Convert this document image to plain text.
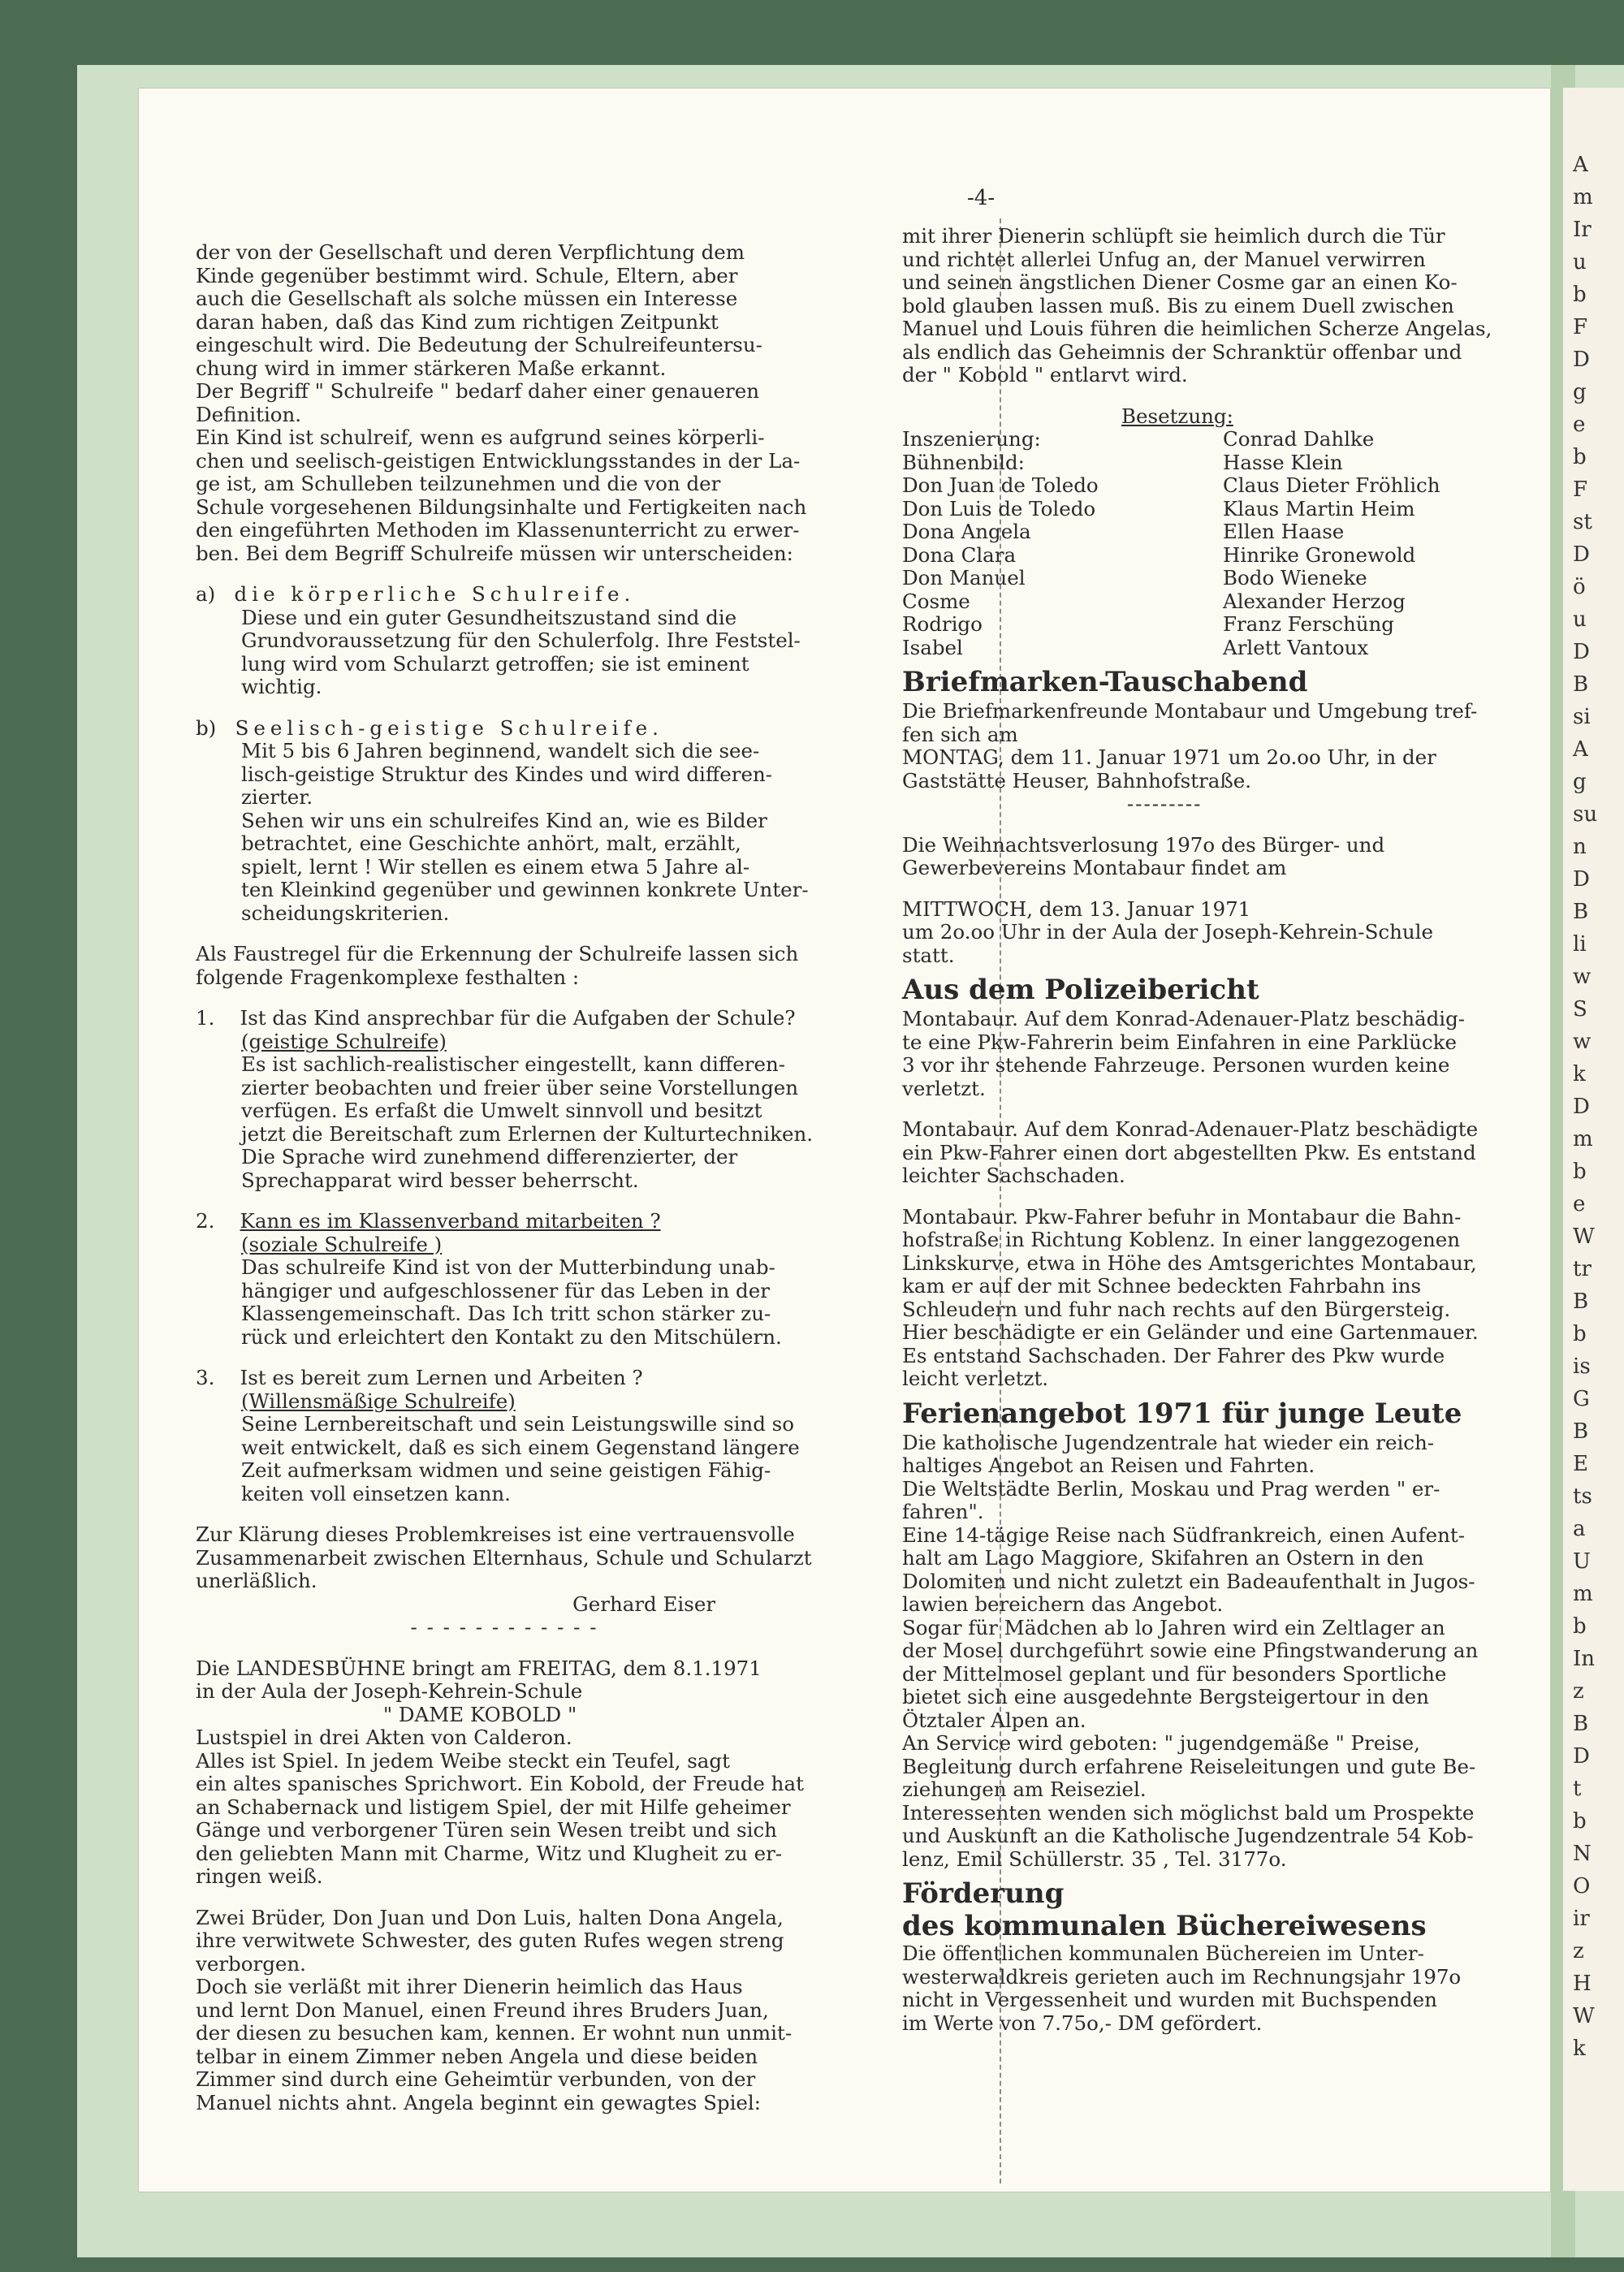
-4-
der von der Gesellschaft und deren Verpflichtung dem
Kinde gegenüber bestimmt wird. Schule, Eltern, aber
auch die Gesellschaft als solche müssen ein Interesse
daran haben, daß das Kind zum richtigen Zeitpunkt
eingeschult wird. Die Bedeutung der Schulreifeuntersu-
chung wird in immer stärkeren Maße erkannt.
Der Begriff " Schulreife " bedarf daher einer genaueren
Definition.
Ein Kind ist schulreif, wenn es aufgrund seines körperli-
chen und seelisch-geistigen Entwicklungsstandes in der La-
ge ist, am Schulleben teilzunehmen und die von der
Schule vorgesehenen Bildungsinhalte und Fertigkeiten nach
den eingeführten Methoden im Klassenunterricht zu erwer-
ben. Bei dem Begriff Schulreife müssen wir unterscheiden:
a) die körperliche Schulreife.
Diese und ein guter Gesundheitszustand sind die
Grundvoraussetzung für den Schulerfolg. Ihre Feststel-
lung wird vom Schularzt getroffen; sie ist eminent
wichtig.
b) Seelisch-geistige Schulreife.
Mit 5 bis 6 Jahren beginnend, wandelt sich die see-
lisch-geistige Struktur des Kindes und wird differen-
zierter.
Sehen wir uns ein schulreifes Kind an, wie es Bilder
betrachtet, eine Geschichte anhört, malt, erzählt,
spielt, lernt ! Wir stellen es einem etwa 5 Jahre al-
ten Kleinkind gegenüber und gewinnen konkrete Unter-
scheidungskriterien.
Als Faustregel für die Erkennung der Schulreife lassen sich
folgende Fragenkomplexe festhalten :
1. Ist das Kind ansprechbar für die Aufgaben der Schule?
(geistige Schulreife)
Es ist sachlich-realistischer eingestellt, kann differen-
zierter beobachten und freier über seine Vorstellungen
verfügen. Es erfaßt die Umwelt sinnvoll und besitzt
jetzt die Bereitschaft zum Erlernen der Kulturtechniken.
Die Sprache wird zunehmend differenzierter, der
Sprechapparat wird besser beherrscht.
2. Kann es im Klassenverband mitarbeiten ?
(soziale Schulreife )
Das schulreife Kind ist von der Mutterbindung unab-
hängiger und aufgeschlossener für das Leben in der
Klassengemeinschaft. Das Ich tritt schon stärker zu-
rück und erleichtert den Kontakt zu den Mitschülern.
3. Ist es bereit zum Lernen und Arbeiten ?
(Willensmäßige Schulreife)
Seine Lernbereitschaft und sein Leistungswille sind so
weit entwickelt, daß es sich einem Gegenstand längere
Zeit aufmerksam widmen und seine geistigen Fähig-
keiten voll einsetzen kann.
Zur Klärung dieses Problemkreises ist eine vertrauensvolle
Zusammenarbeit zwischen Elternhaus, Schule und Schularzt
unerläßlich.
Gerhard Eiser
- - - - - - - - - - - -
Die LANDESBÜHNE bringt am FREITAG, dem 8.1.1971
in der Aula der Joseph-Kehrein-Schule
" DAME KOBOLD "
Lustspiel in drei Akten von Calderon.
Alles ist Spiel. In jedem Weibe steckt ein Teufel, sagt
ein altes spanisches Sprichwort. Ein Kobold, der Freude hat
an Schabernack und listigem Spiel, der mit Hilfe geheimer
Gänge und verborgener Türen sein Wesen treibt und sich
den geliebten Mann mit Charme, Witz und Klugheit zu er-
ringen weiß.
Zwei Brüder, Don Juan und Don Luis, halten Dona Angela,
ihre verwitwete Schwester, des guten Rufes wegen streng
verborgen.
Doch sie verläßt mit ihrer Dienerin heimlich das Haus
und lernt Don Manuel, einen Freund ihres Bruders Juan,
der diesen zu besuchen kam, kennen. Er wohnt nun unmit-
telbar in einem Zimmer neben Angela und diese beiden
Zimmer sind durch eine Geheimtür verbunden, von der
Manuel nichts ahnt. Angela beginnt ein gewagtes Spiel:
mit ihrer Dienerin schlüpft sie heimlich durch die Tür
und richtet allerlei Unfug an, der Manuel verwirren
und seinen ängstlichen Diener Cosme gar an einen Ko-
bold glauben lassen muß. Bis zu einem Duell zwischen
Manuel und Louis führen die heimlichen Scherze Angelas,
als endlich das Geheimnis der Schranktür offenbar und
der " Kobold " entlarvt wird.
Besetzung:
Inszenierung:	Conrad Dahlke
Bühnenbild:	Hasse Klein
Don Juan de Toledo	Claus Dieter Fröhlich
Don Luis de Toledo	Klaus Martin Heim
Dona Angela	Ellen Haase
Dona Clara	Hinrike Gronewold
Don Manuel	Bodo Wieneke
Cosme	Alexander Herzog
Rodrigo	Franz Ferschüng
Isabel	Arlett Vantoux
Briefmarken-Tauschabend
Die Briefmarkenfreunde Montabaur und Umgebung tref-
fen sich am
MONTAG, dem 11. Januar 1971 um 2o.oo Uhr, in der
Gaststätte Heuser, Bahnhofstraße.
---------
Die Weihnachtsverlosung 197o des Bürger- und
Gewerbevereins Montabaur findet am
MITTWOCH, dem 13. Januar 1971
um 2o.oo Uhr in der Aula der Joseph-Kehrein-Schule
statt.
Aus dem Polizeibericht
Montabaur. Auf dem Konrad-Adenauer-Platz beschädig-
te eine Pkw-Fahrerin beim Einfahren in eine Parklücke
3 vor ihr stehende Fahrzeuge. Personen wurden keine
verletzt.
Montabaur. Auf dem Konrad-Adenauer-Platz beschädigte
ein Pkw-Fahrer einen dort abgestellten Pkw. Es entstand
leichter Sachschaden.
Montabaur. Pkw-Fahrer befuhr in Montabaur die Bahn-
hofstraße in Richtung Koblenz. In einer langgezogenen
Linkskurve, etwa in Höhe des Amtsgerichtes Montabaur,
kam er auf der mit Schnee bedeckten Fahrbahn ins
Schleudern und fuhr nach rechts auf den Bürgersteig.
Hier beschädigte er ein Geländer und eine Gartenmauer.
Es entstand Sachschaden. Der Fahrer des Pkw wurde
leicht verletzt.
Ferienangebot 1971 für junge Leute
Die katholische Jugendzentrale hat wieder ein reich-
haltiges Angebot an Reisen und Fahrten.
Die Weltstädte Berlin, Moskau und Prag werden " er-
fahren".
Eine 14-tägige Reise nach Südfrankreich, einen Aufent-
halt am Lago Maggiore, Skifahren an Ostern in den
Dolomiten und nicht zuletzt ein Badeaufenthalt in Jugos-
lawien bereichern das Angebot.
Sogar für Mädchen ab lo Jahren wird ein Zeltlager an
der Mosel durchgeführt sowie eine Pfingstwanderung an
der Mittelmosel geplant und für besonders Sportliche
bietet sich eine ausgedehnte Bergsteigertour in den
Ötztaler Alpen an.
An Service wird geboten: " jugendgemäße " Preise,
Begleitung durch erfahrene Reiseleitungen und gute Be-
ziehungen am Reiseziel.
Interessenten wenden sich möglichst bald um Prospekte
und Auskunft an die Katholische Jugendzentrale 54 Kob-
lenz, Emil Schüllerstr. 35 , Tel. 3177o.
Förderung
des kommunalen Büchereiwesens
Die öffentlichen kommunalen Büchereien im Unter-
westerwaldkreis gerieten auch im Rechnungsjahr 197o
nicht in Vergessenheit und wurden mit Buchspenden
im Werte von 7.75o,- DM gefördert.
A
m
Ir
u
b
F
D
g
e
b
F
st
D
ö
u
D
B
si
A
g
su
n
D
B
li
w
S
w
k
D
m
b
e
W
tr
B
b
is
G
B
E
ts
a
U
m
b
In
z
B
D
t
b
N
O
ir
z
H
W
k
